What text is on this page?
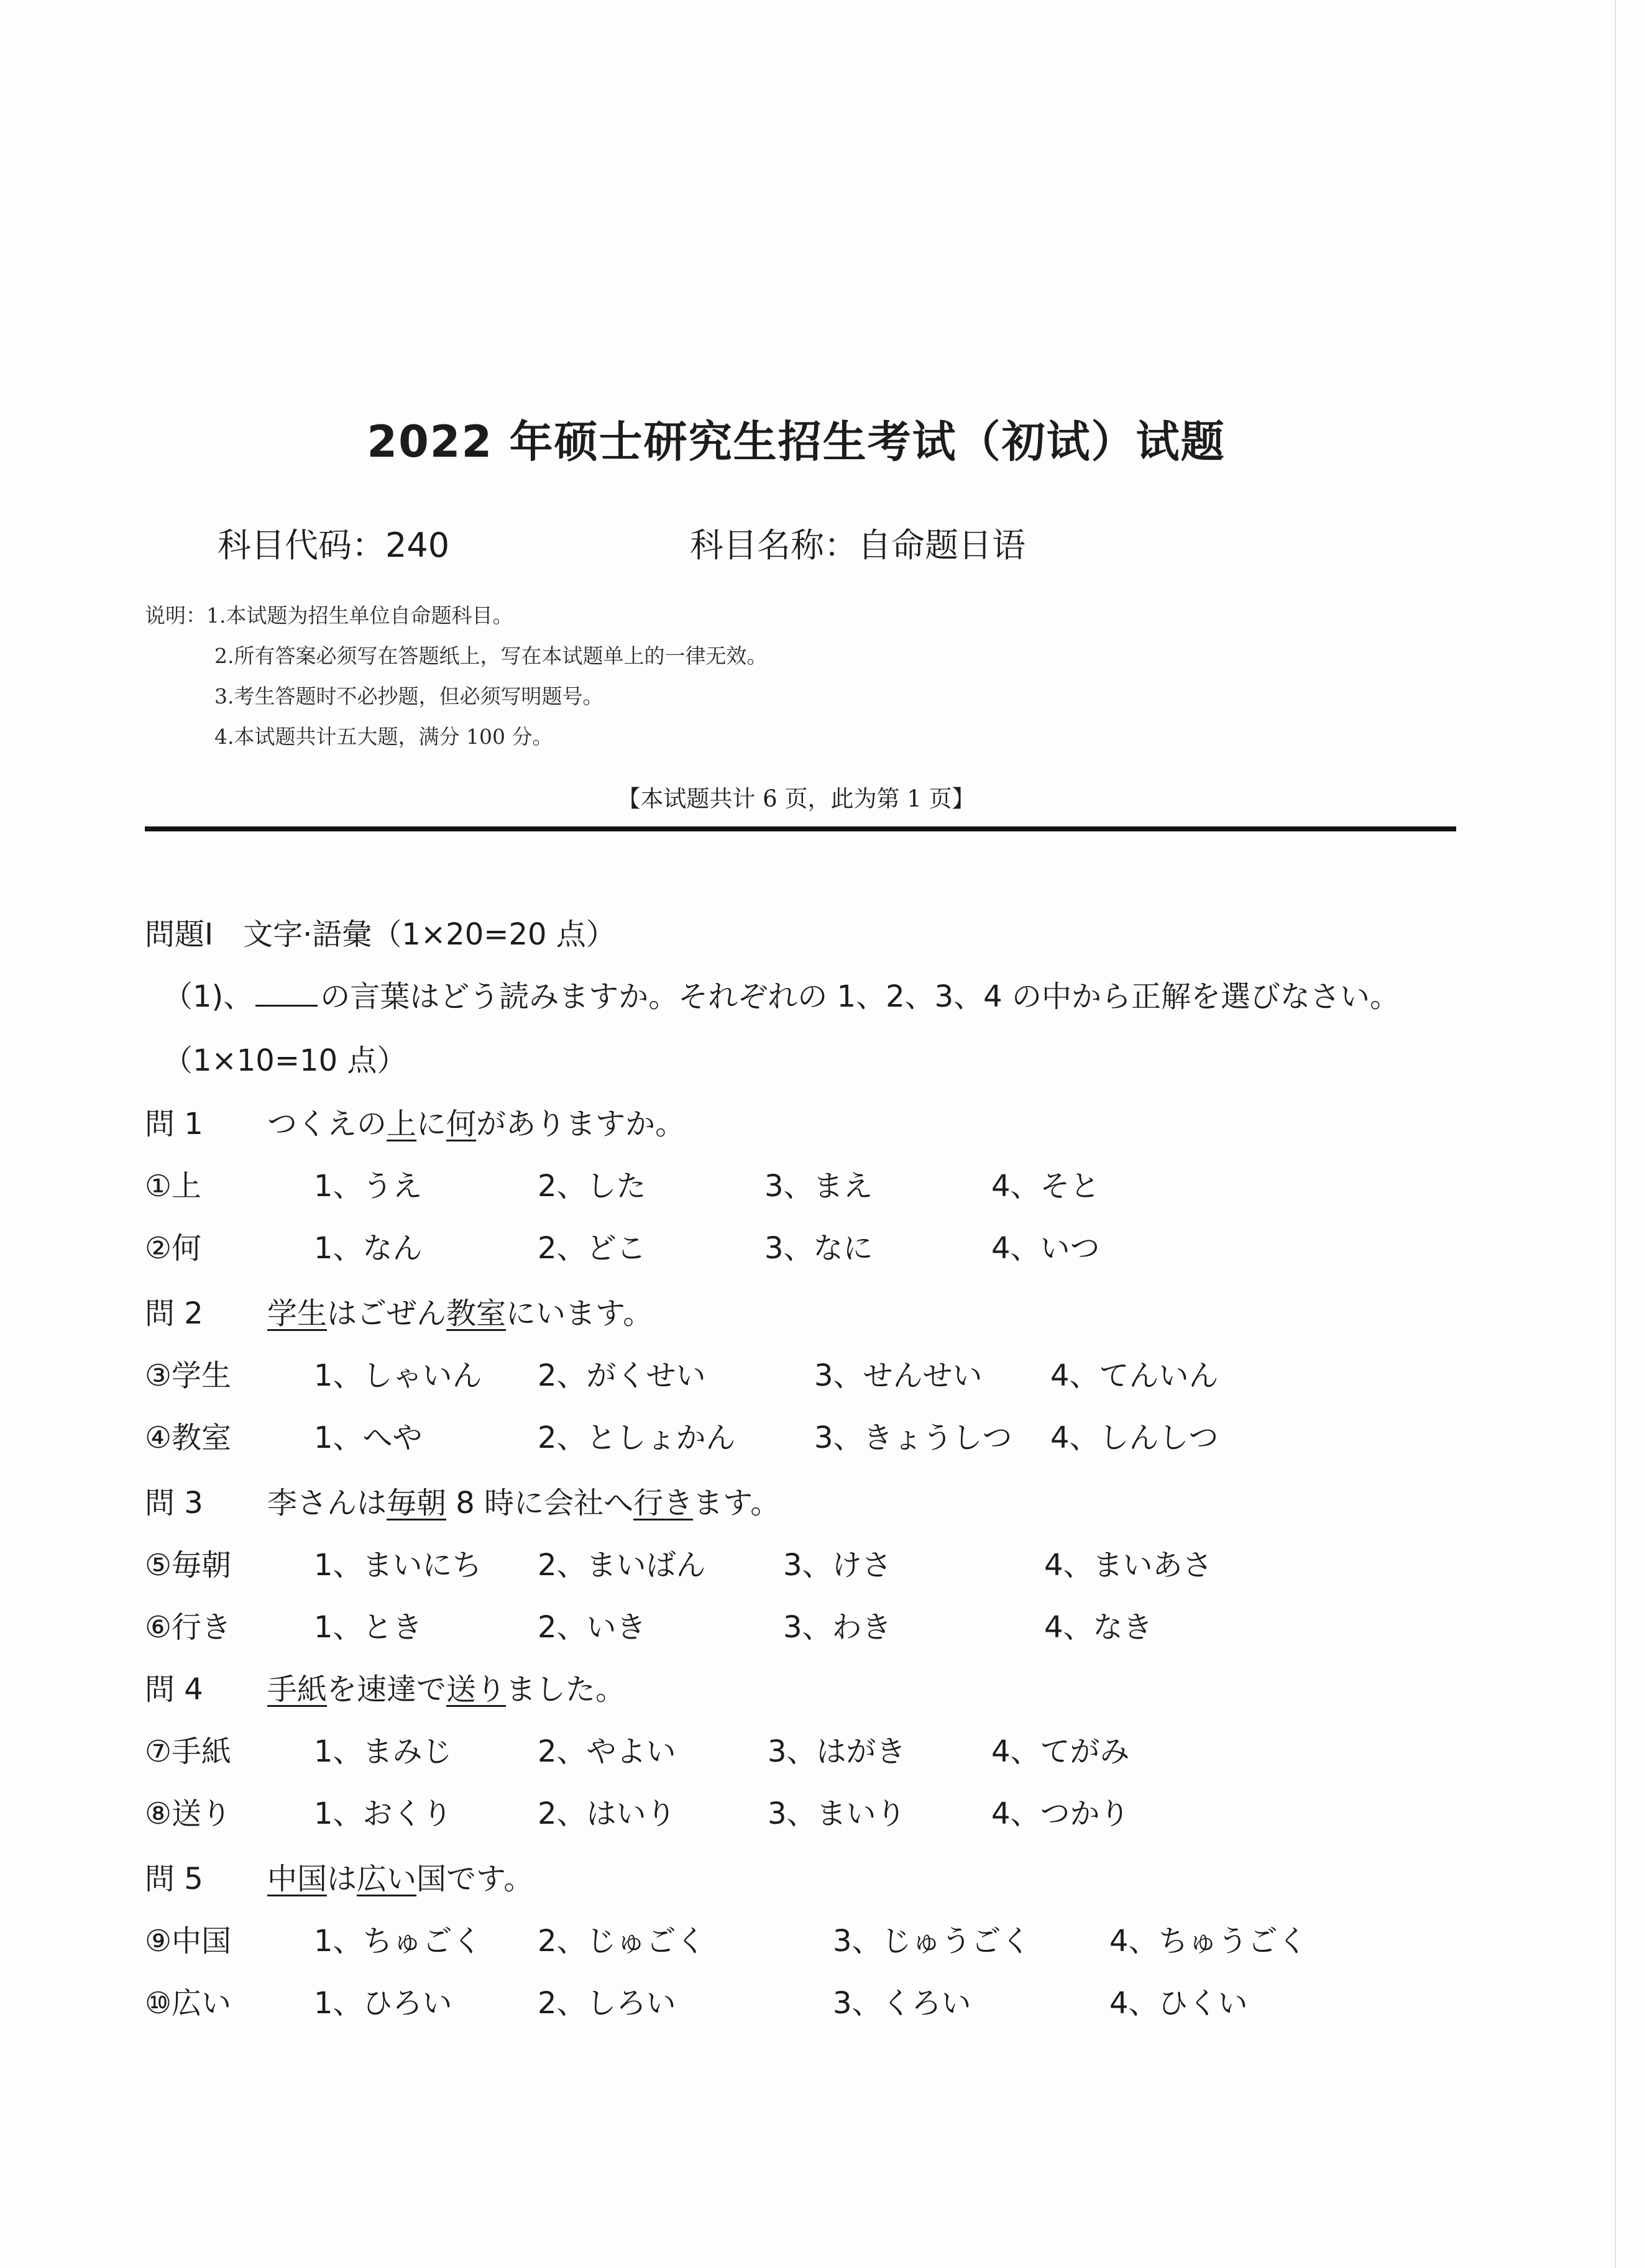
2022 年硕士研究生招生考试（初试）试题
科目代码：240	科目名称：自命题日语
说明：1.本试题为招生单位自命题科目。
2.所有答案必须写在答题纸上，写在本试题单上的一律无效。
3.考生答题时不必抄题，但必须写明题号。
4.本试题共计五大题，满分 100 分。
【本试题共计 6 页，此为第 1 页】
問題Ⅰ　文字·語彙（1×20=20 点）
（1)、 の言葉はどう読みますか。それぞれの 1、2、3、4 の中から正解を選びなさい。
（1×10=10 点）
問 1 つくえの上に何がありますか。
①上	1、うえ	2、した	3、まえ	4、そと
②何	1、なん	2、どこ	3、なに	4、いつ
問 2 学生はごぜん教室にいます。
③学生	1、しゃいん 2、がくせい	3、せんせい 4、てんいん
④教室	1、へや	2、としょかん	3、きょうしつ 4、しんしつ
問 3 李さんは毎朝 8 時に会社へ行きます。
⑤毎朝	1、まいにち 2、まいばん	3、けさ	4、まいあさ
⑥行き	1、とき	2、いき	3、わき	4、なき
問 4 手紙を速達で送りました。
⑦手紙	1、まみじ	2、やよい	3、はがき	4、てがみ
⑧送り	1、おくり	2、はいり	3、まいり	4、つかり
問 5 中国は広い国です。
⑨中国	1、ちゅごく 2、じゅごく	3、じゅうごく	4、ちゅうごく
⑩広い	1、ひろい	2、しろい	3、くろい	4、ひくい
